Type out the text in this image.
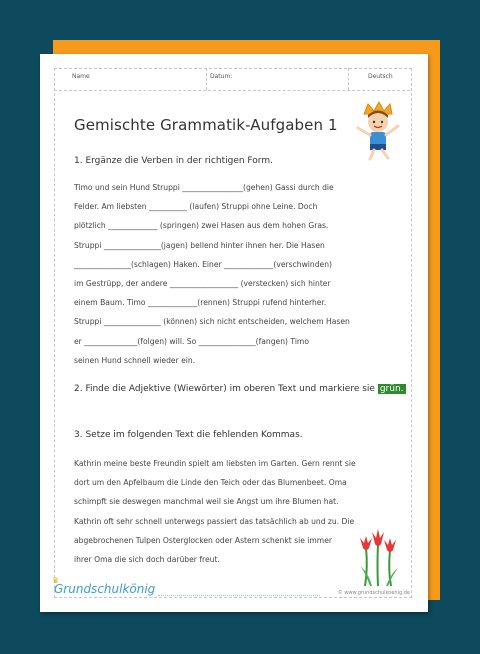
Name	Datum:	Deutsch
Gemischte Grammatik-Aufgaben 1
1. Ergänze die Verben in der richtigen Form.
Timo und sein Hund Struppi ________________(gehen) Gassi durch die
Felder. Am liebsten __________ (laufen) Struppi ohne Leine. Doch
plötzlich _____________ (springen) zwei Hasen aus dem hohen Gras.
Struppi _______________(jagen) bellend hinter ihnen her. Die Hasen
_______________(schlagen) Haken. Einer _____________(verschwinden)
im Gestrüpp, der andere __________________ (verstecken) sich hinter
einem Baum. Timo _____________(rennen) Struppi rufend hinterher.
Struppi _______________ (können) sich nicht entscheiden, welchem Hasen
er ______________(folgen) will. So _______________(fangen) Timo
seinen Hund schnell wieder ein.
2. Finde die Adjektive (Wiewörter) im oberen Text und markiere sie grün.
3. Setze im folgenden Text die fehlenden Kommas.
Kathrin meine beste Freundin spielt am liebsten im Garten. Gern rennt sie
dort um den Apfelbaum die Linde den Teich oder das Blumenbeet. Oma
schimpft sie deswegen manchmal weil sie Angst um ihre Blumen hat.
Kathrin oft sehr schnell unterwegs passiert das tatsächlich ab und zu. Die
abgebrochenen Tulpen Osterglocken oder Astern schenkt sie immer
ihrer Oma die sich doch darüber freut.
♛
Grundschulkönig	© www.grundschulkoenig.de
